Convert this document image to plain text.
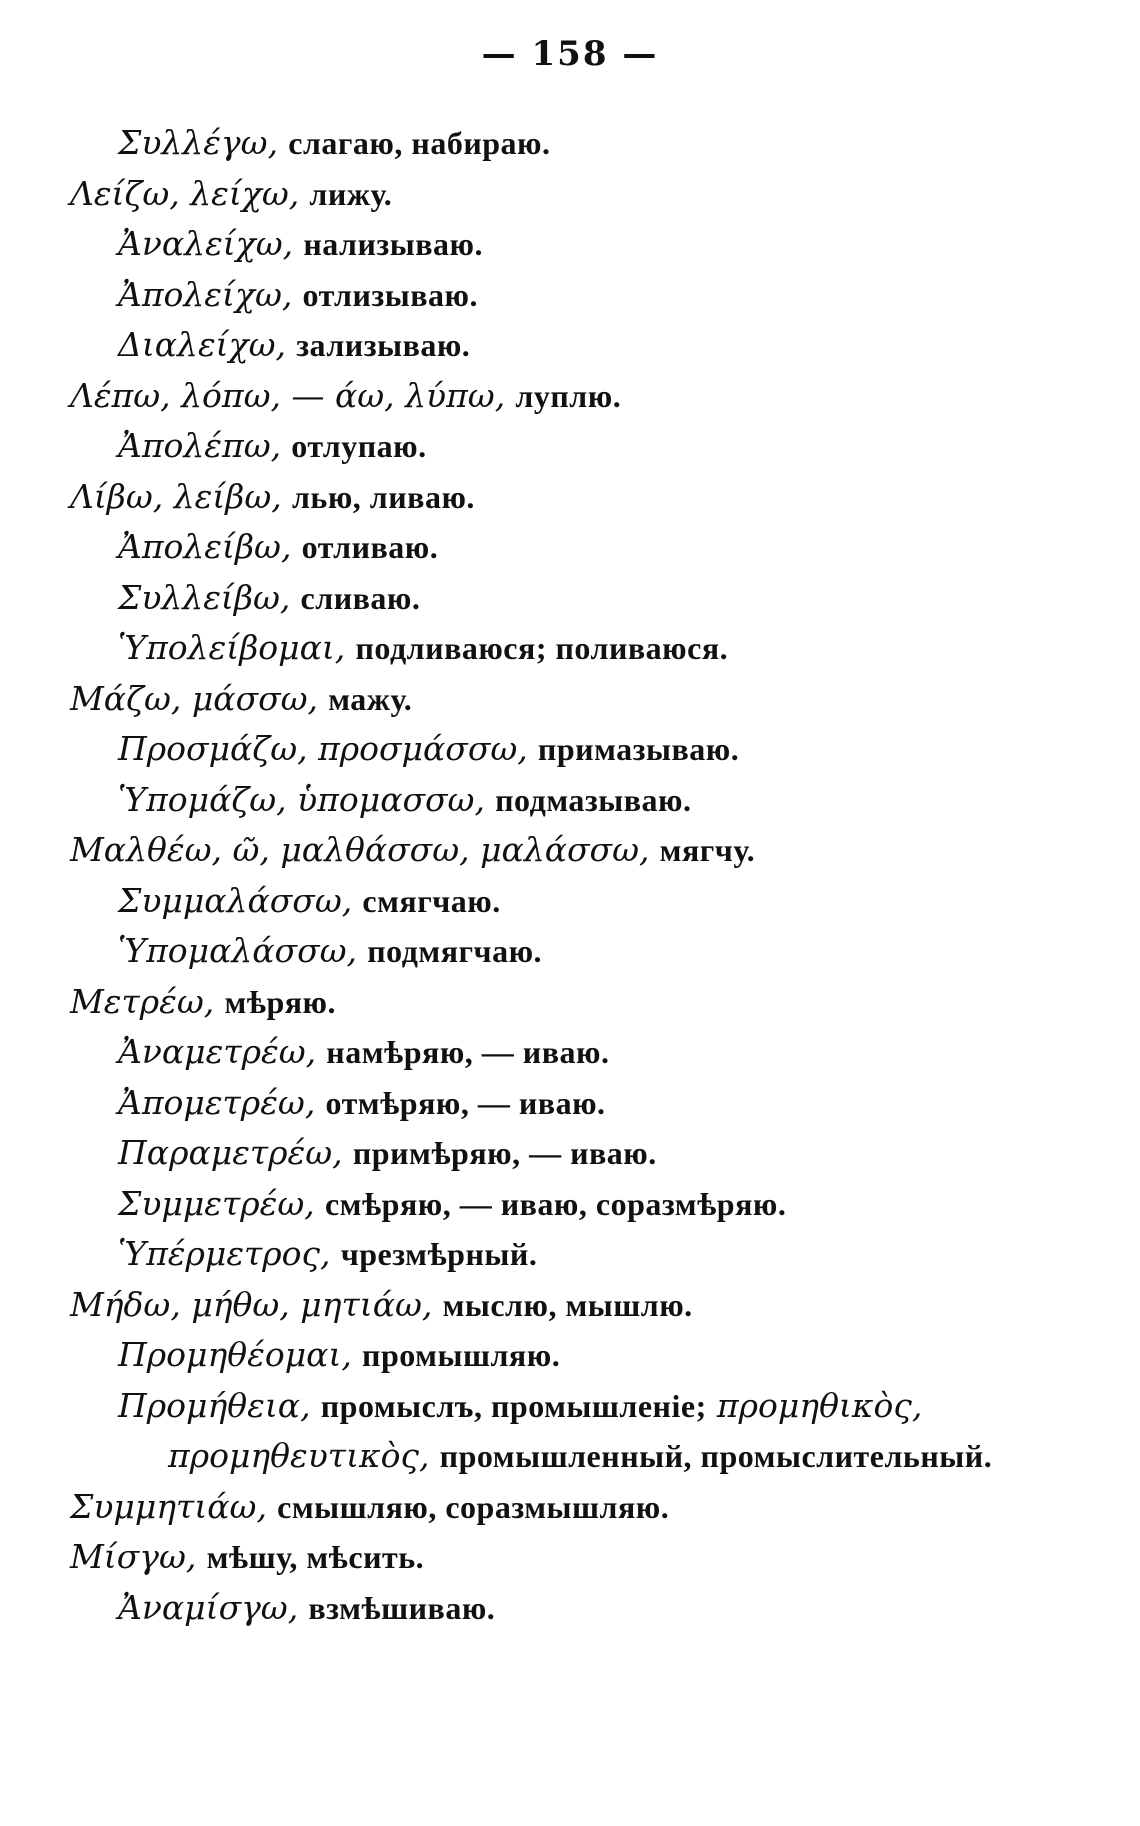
— 158 —
Συλλέγω, слагаю, набираю.
Λείζω, λείχω, лижу.
Ἀναλείχω, нализываю.
Ἀπολείχω, отлизываю.
Διαλείχω, зализываю.
Λέπω, λόπω, — άω, λύπω, луплю.
Ἀπολέπω, отлупаю.
Λίβω, λείβω, лью, ливаю.
Ἀπολείβω, отливаю.
Συλλείβω, сливаю.
Ὑπολείβομαι, подливаюся; поливаюся.
Μάζω, μάσσω, мажу.
Προσμάζω, προσμάσσω, примазываю.
Ὑπομάζω, ὑπομασσω, подмазываю.
Μαλθέω, ῶ, μαλθάσσω, μαλάσσω, мягчу.
Συμμαλάσσω, смягчаю.
Ὑπομαλάσσω, подмягчаю.
Μετρέω, мѣряю.
Ἀναμετρέω, намѣряю, — иваю.
Ἀπομετρέω, отмѣряю, — иваю.
Παραμετρέω, примѣряю, — иваю.
Συμμετρέω, смѣряю, — иваю, соразмѣряю.
Ὑπέρμετρος, чрезмѣрный.
Μήδω, μήθω, μητιάω, мыслю, мышлю.
Προμηθέομαι, промышляю.
Προμήθεια, промыслъ, промышленіе; προμηθικὸς, προμηθευτικὸς, промышленный, промыслительный.
Συμμητιάω, смышляю, соразмышляю.
Μίσγω, мѣшу, мѣсить.
Ἀναμίσγω, взмѣшиваю.
